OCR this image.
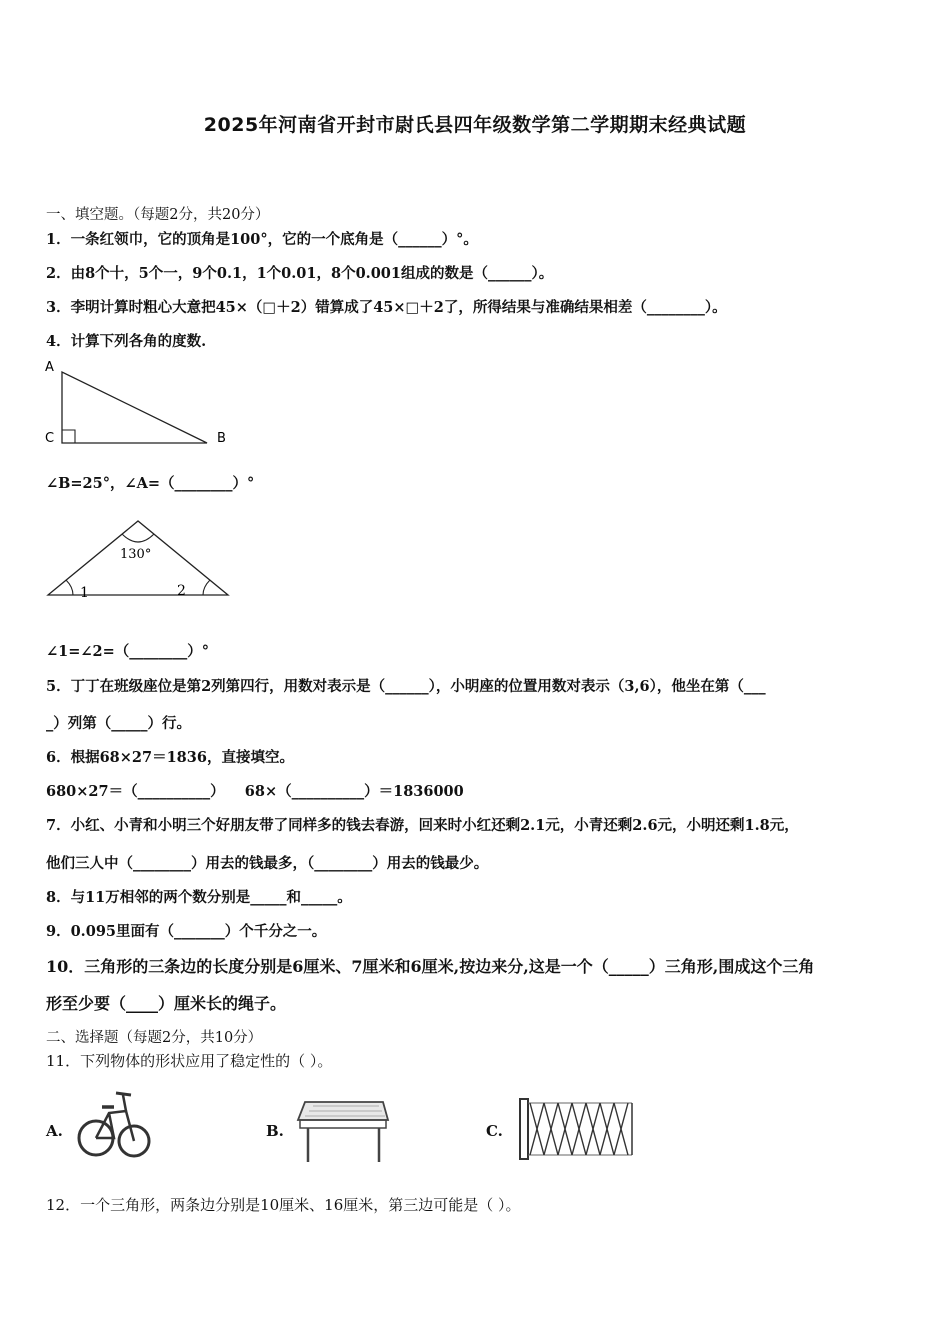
2025年河南省开封市尉氏县四年级数学第二学期期末经典试题
一、填空题。（每题2分，共20分）
1．一条红领巾，它的顶角是100°，它的一个底角是（______）°。
2．由8个十，5个一，9个0.1，1个0.01，8个0.001组成的数是（______）。
3．李明计算时粗心大意把45×（□＋2）错算成了45×□＋2了，所得结果与准确结果相差（________）。
4．计算下列各角的度数.
A
C	B
∠B=25°，∠A=（________）°
130°
1	2
∠1=∠2=（________）°
5．丁丁在班级座位是第2列第四行，用数对表示是（______），小明座的位置用数对表示（3,6），他坐在第（___
_）列第（_____）行。
6．根据68×27＝1836，直接填空。
680×27＝（__________）    68×（__________）＝1836000
7．小红、小青和小明三个好朋友带了同样多的钱去春游，回来时小红还剩2.1元，小青还剩2.6元，小明还剩1.8元，
他们三人中（________）用去的钱最多，（________）用去的钱最少。
8．与11万相邻的两个数分别是_____和_____。
9．0.095里面有（_______）个千分之一。
10．三角形的三条边的长度分别是6厘米、7厘米和6厘米,按边来分,这是一个（_____）三角形,围成这个三角
形至少要（____）厘米长的绳子。
二、选择题（每题2分，共10分）
11．下列物体的形状应用了稳定性的（ ）。
A.	B.	C.
12．一个三角形，两条边分别是10厘米、16厘米，第三边可能是（ ）。
